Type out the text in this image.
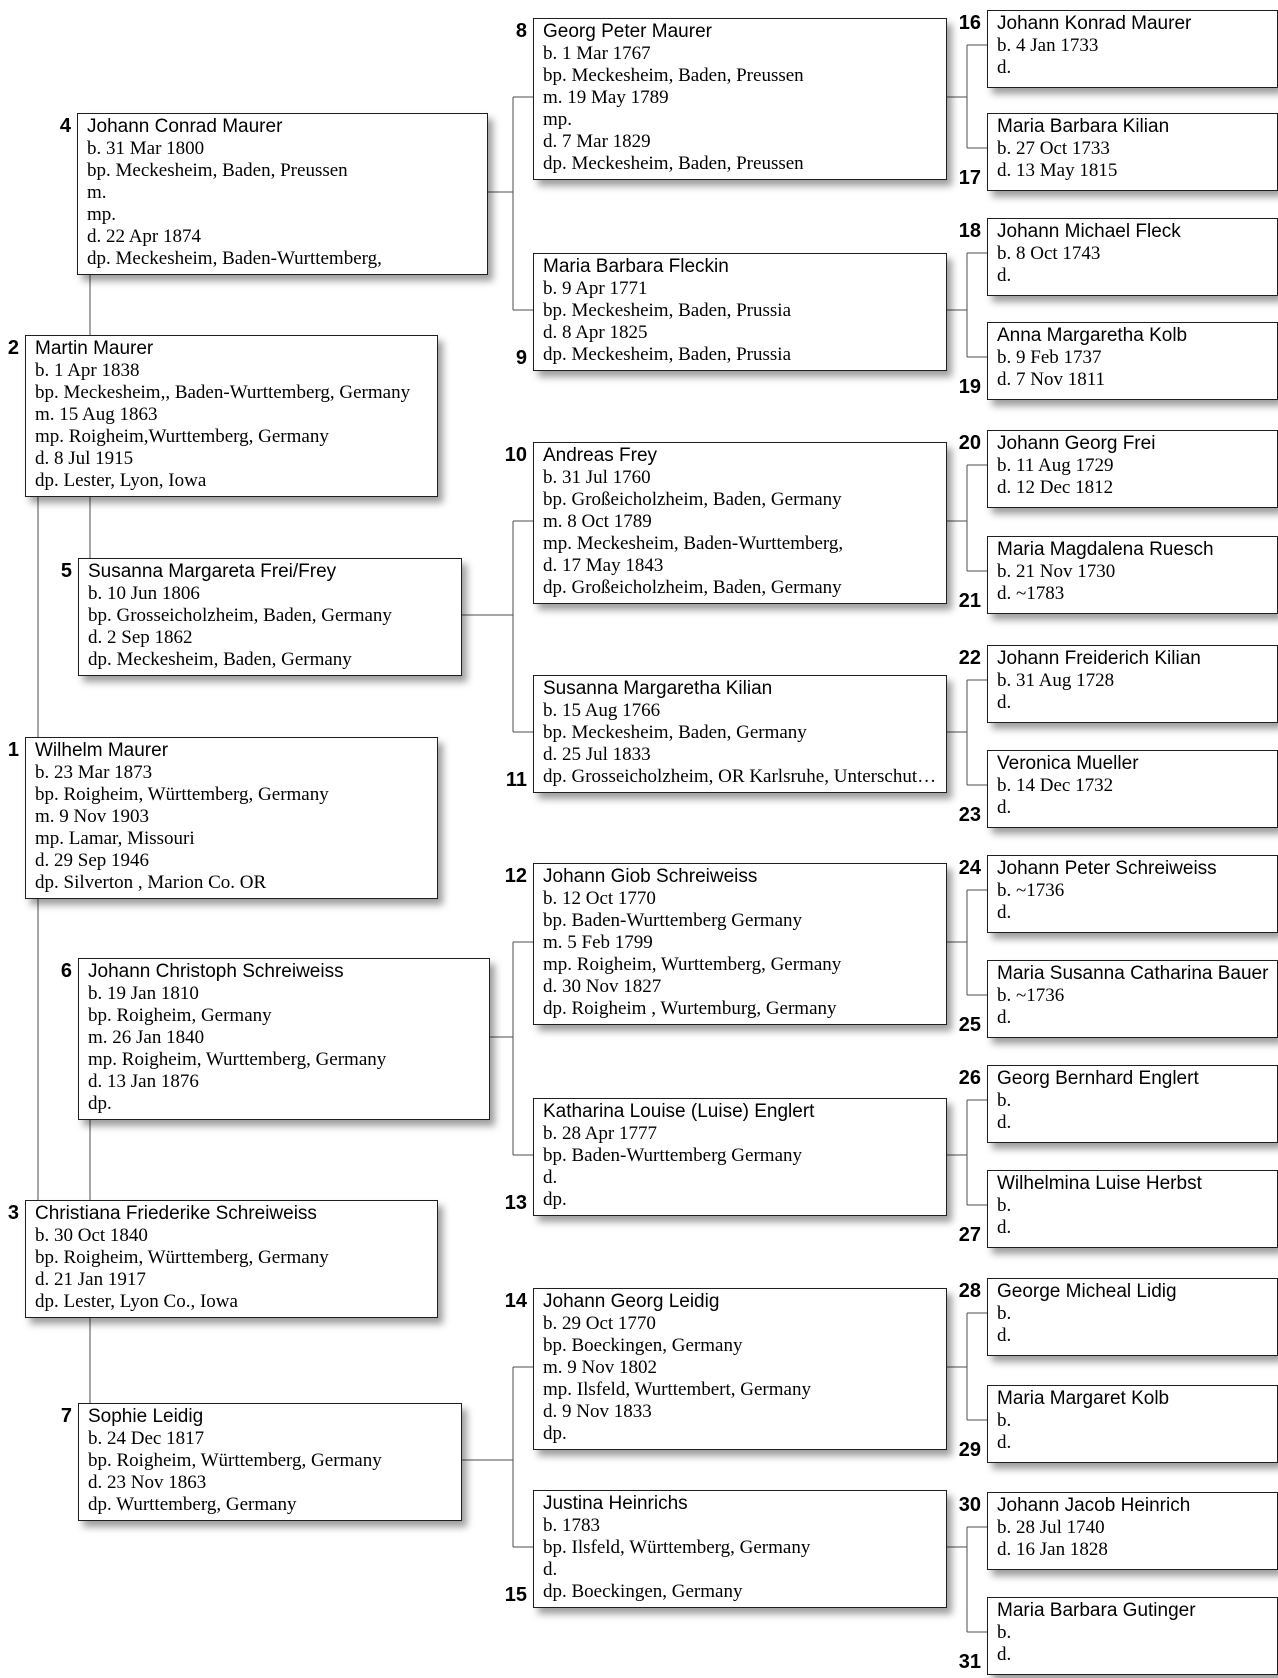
Wilhelm Maurer
b. 23 Mar 1873
bp. Roigheim, Württemberg, Germany
m. 9 Nov 1903
mp. Lamar, Missouri
d. 29 Sep 1946
dp. Silverton , Marion Co. OR
1
Martin Maurer
b. 1 Apr 1838
bp. Meckesheim,, Baden-Wurttemberg, Germany
m. 15 Aug 1863
mp. Roigheim,Wurttemberg, Germany
d. 8 Jul 1915
dp. Lester, Lyon, Iowa
2
Christiana Friederike Schreiweiss
b. 30 Oct 1840
bp. Roigheim, Württemberg, Germany
d. 21 Jan 1917
dp. Lester, Lyon Co., Iowa
3
Johann Conrad Maurer
b. 31 Mar 1800
bp. Meckesheim, Baden, Preussen
m.
mp.
d. 22 Apr 1874
dp. Meckesheim, Baden-Wurttemberg,
4
Susanna Margareta Frei/Frey
b. 10 Jun 1806
bp. Grosseicholzheim, Baden, Germany
d. 2 Sep 1862
dp. Meckesheim, Baden, Germany
5
Johann Christoph Schreiweiss
b. 19 Jan 1810
bp. Roigheim, Germany
m. 26 Jan 1840
mp. Roigheim, Wurttemberg, Germany
d. 13 Jan 1876
dp.
6
Sophie Leidig
b. 24 Dec 1817
bp. Roigheim, Württemberg, Germany
d. 23 Nov 1863
dp. Wurttemberg, Germany
7
Georg Peter Maurer
b. 1 Mar 1767
bp. Meckesheim, Baden, Preussen
m. 19 May 1789
mp.
d. 7 Mar 1829
dp. Meckesheim, Baden, Preussen
8
Maria Barbara Fleckin
b. 9 Apr 1771
bp. Meckesheim, Baden, Prussia
d. 8 Apr 1825
dp. Meckesheim, Baden, Prussia
9
Andreas Frey
b. 31 Jul 1760
bp. Großeicholzheim, Baden, Germany
m. 8 Oct 1789
mp. Meckesheim, Baden-Wurttemberg,
d. 17 May 1843
dp. Großeicholzheim, Baden, Germany
10
Susanna Margaretha Kilian
b. 15 Aug 1766
bp. Meckesheim, Baden, Germany
d. 25 Jul 1833
dp. Grosseicholzheim, OR Karlsruhe, Unterschut…
11
Johann Giob Schreiweiss
b. 12 Oct 1770
bp. Baden-Wurttemberg Germany
m. 5 Feb 1799
mp. Roigheim, Wurttemberg, Germany
d. 30 Nov 1827
dp. Roigheim , Wurtemburg, Germany
12
Katharina Louise (Luise) Englert
b. 28 Apr 1777
bp. Baden-Wurttemberg Germany
d.
dp.
13
Johann Georg Leidig
b. 29 Oct 1770
bp. Boeckingen, Germany
m. 9 Nov 1802
mp. Ilsfeld, Wurttembert, Germany
d. 9 Nov 1833
dp.
14
Justina Heinrichs
b. 1783
bp. Ilsfeld, Württemberg, Germany
d.
dp. Boeckingen, Germany
15
Johann Konrad Maurer
b. 4 Jan 1733
d.
16
Maria Barbara Kilian
b. 27 Oct 1733
d. 13 May 1815
17
Johann Michael Fleck
b. 8 Oct 1743
d.
18
Anna Margaretha Kolb
b. 9 Feb 1737
d. 7 Nov 1811
19
Johann Georg Frei
b. 11 Aug 1729
d. 12 Dec 1812
20
Maria Magdalena Ruesch
b. 21 Nov 1730
d. ~1783
21
Johann Freiderich Kilian
b. 31 Aug 1728
d.
22
Veronica Mueller
b. 14 Dec 1732
d.
23
Johann Peter Schreiweiss
b. ~1736
d.
24
Maria Susanna Catharina Bauer
b. ~1736
d.
25
Georg Bernhard Englert
b.
d.
26
Wilhelmina Luise Herbst
b.
d.
27
George Micheal Lidig
b.
d.
28
Maria Margaret Kolb
b.
d.
29
Johann Jacob Heinrich
b. 28 Jul 1740
d. 16 Jan 1828
30
Maria Barbara Gutinger
b.
d.
31
